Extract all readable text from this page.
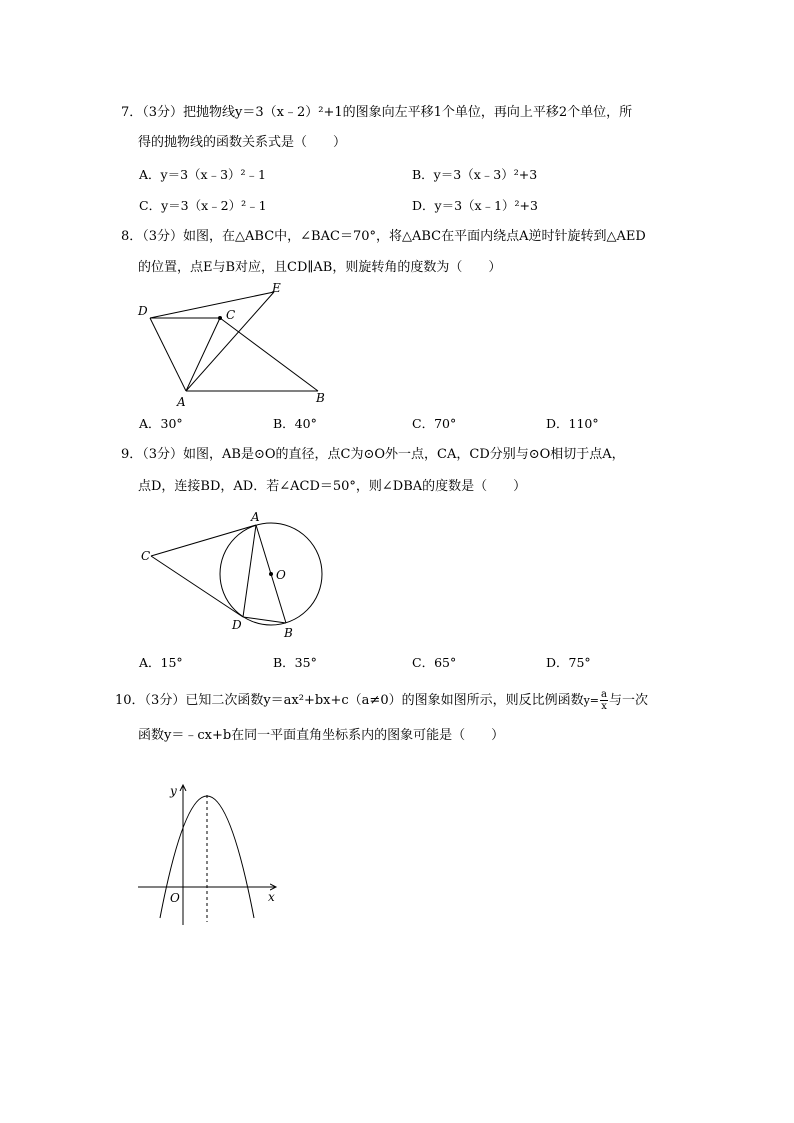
7．（3分）把抛物线y＝3（x﹣2）²+1的图象向左平移1个单位，再向上平移2个单位，所
得的抛物线的函数关系式是（　　）
A．y＝3（x﹣3）²﹣1	B．y＝3（x﹣3）²+3
C．y＝3（x﹣2）²﹣1	D．y＝3（x﹣1）²+3
8．（3分）如图，在△ABC中，∠BAC＝70°，将△ABC在平面内绕点A逆时针旋转到△AED
的位置，点E与B对应，且CD∥AB，则旋转角的度数为（　　）
D
E
C
A	B
A．30°	B．40°	C．70°	D．110°
9．（3分）如图，AB是⊙O的直径，点C为⊙O外一点，CA，CD分别与⊙O相切于点A，
点D，连接BD，AD．若∠ACD＝50°，则∠DBA的度数是（　　）
A
C
O
D
B
A．15°	B．35°	C．65°	D．75°
10．（3分）已知二次函数y＝ax²+bx+c（a≠0）的图象如图所示，则反比例函数$y= \frac{a}{x}$ 与一次
函数y＝﹣cx+b在同一平面直角坐标系内的图象可能是（　　）
y
x
O
